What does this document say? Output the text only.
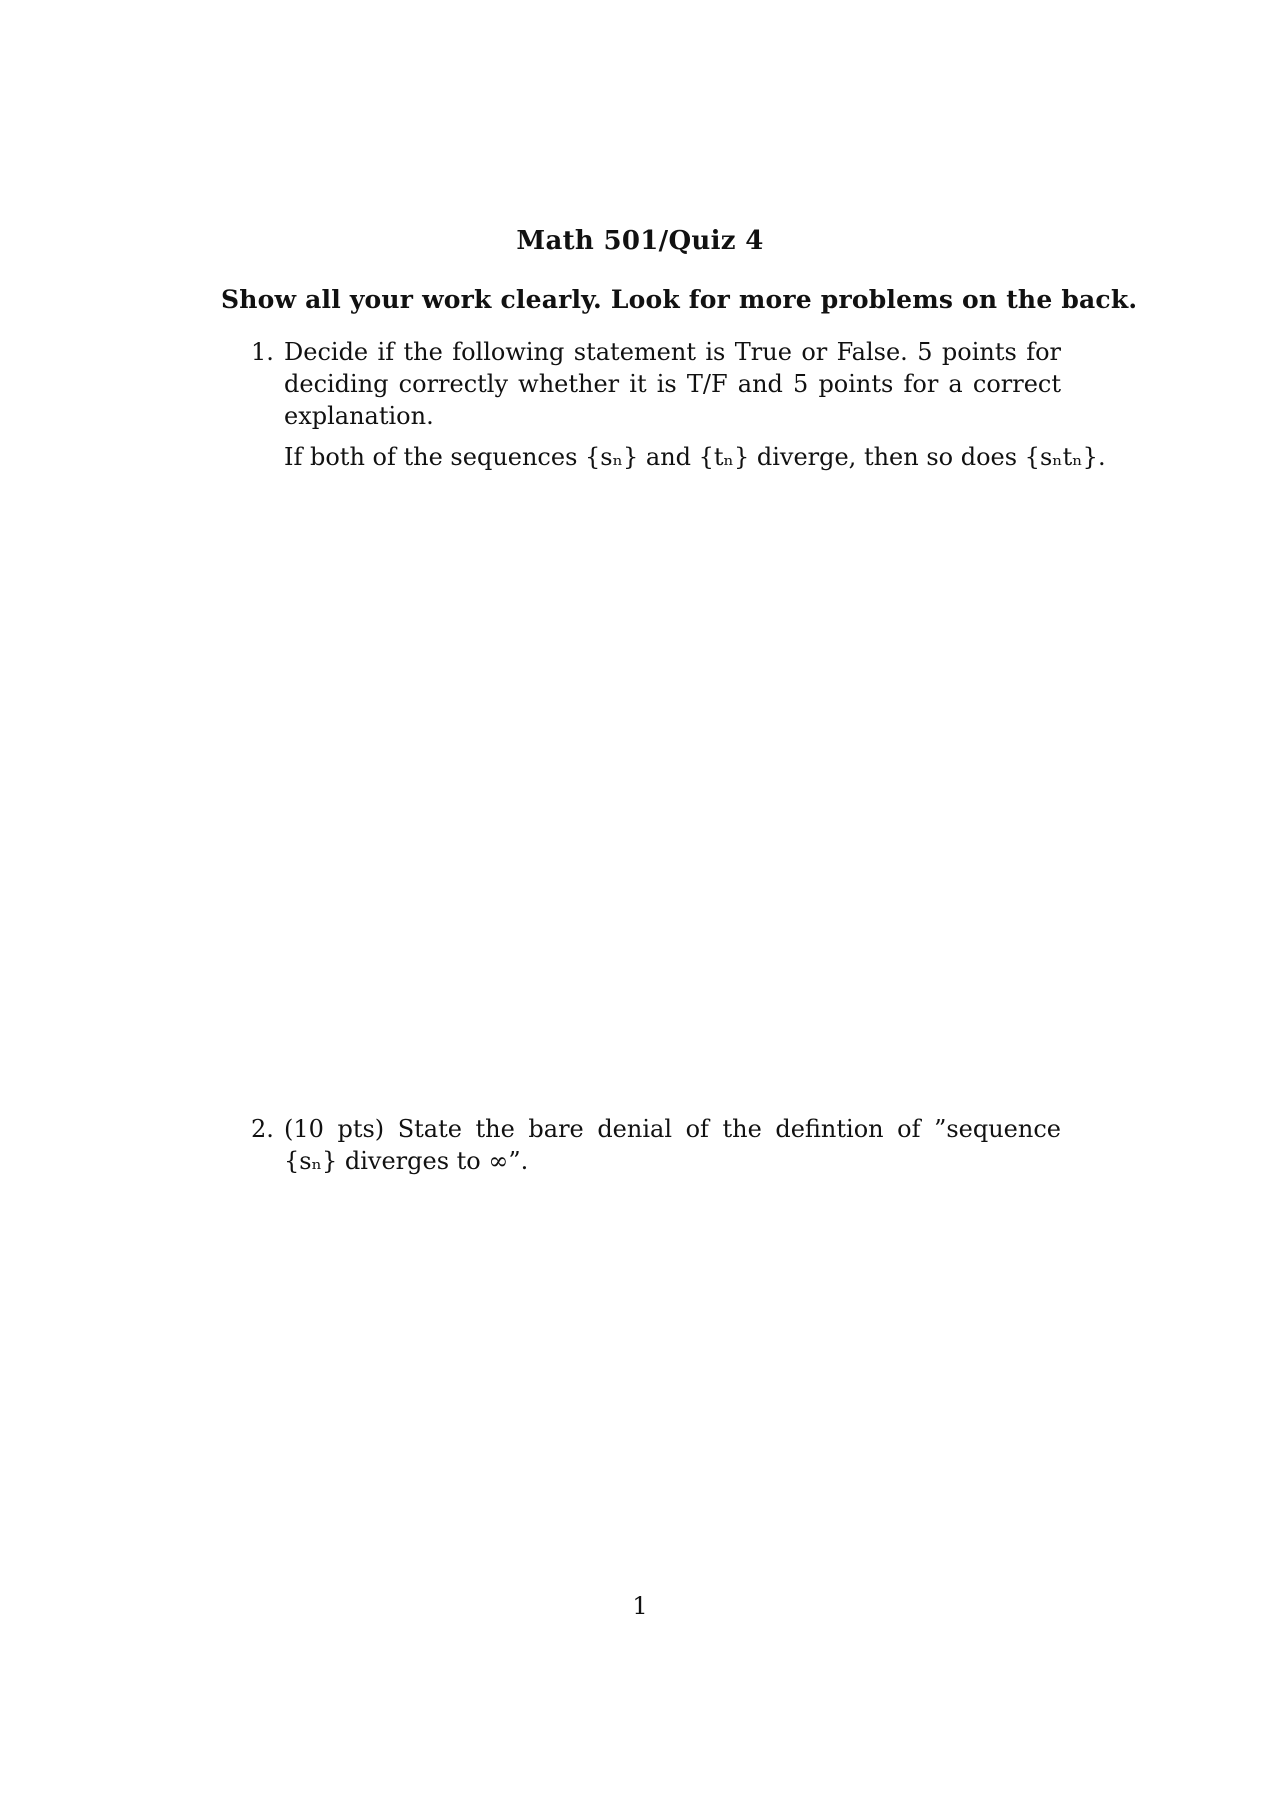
Math 501/Quiz 4
Show all your work clearly. Look for more problems on the back.
1. Decide if the following statement is True or False. 5 points for deciding correctly whether it is T/F and 5 points for a correct explanation.
If both of the sequences {sₙ} and {tₙ} diverge, then so does {sₙtₙ}.
2. (10 pts) State the bare denial of the defintion of ”sequence {sₙ} diverges to ∞”.
1
